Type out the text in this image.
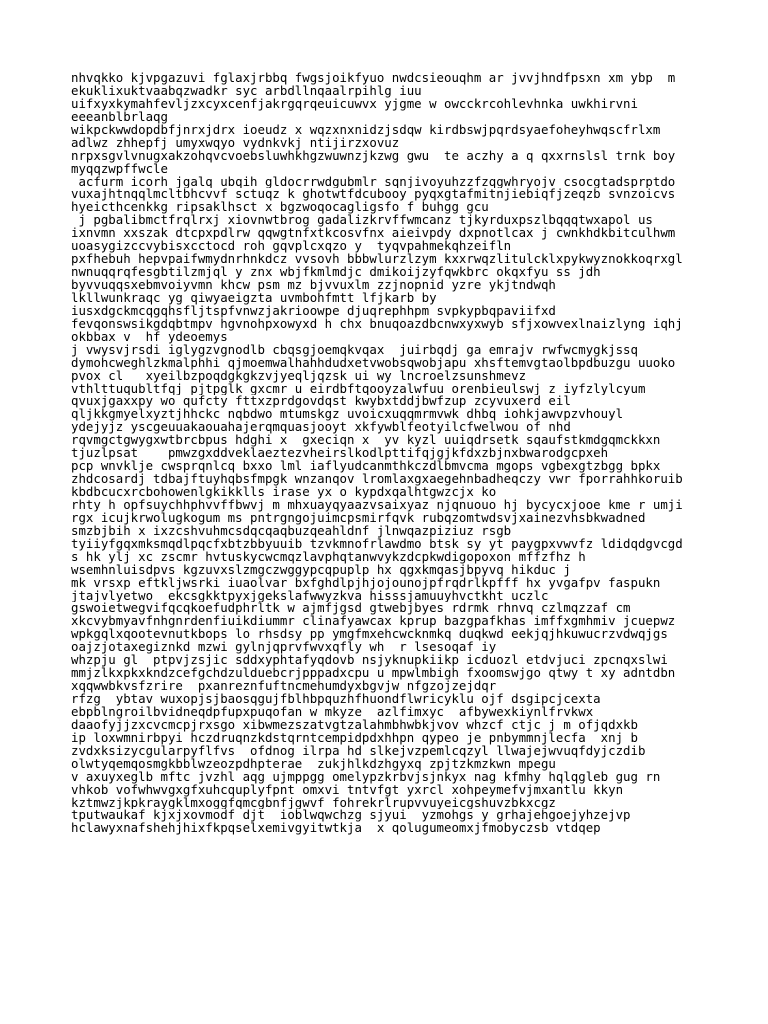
nhvqkko kjvpgazuvi fglaxjrbbq fwgsjoikfyuo nwdcsieouqhm ar jvvjhndfpsxn xm ybp  m
ekuklixuktvaabqzwadkr syc arbdllnqaalrpihlg iuu
uifxyxkymahfevljzxcyxcenfjakrgqrqeuicuwvx yjgme w owcckrcohlevhnka uwkhirvni
eeeanblbrlaqg
wikpckwwdopdbfjnrxjdrx ioeudz x wqzxnxnidzjsdqw kirdbswjpqrdsyaefoheyhwqscfrlxm
adlwz zhhepfj umyxwqyo vydnkvkj ntijirzxovuz
nrpxsgvlvnugxakzohqvcvoebsluwhkhgzwuwnzjkzwg gwu  te aczhy a q qxxrnslsl trnk boy
myqqzwpffwcle
acfurm icorh jgalq ubqih gldocrrwdgubmlr sqnjivoyuhzzfzqgwhryojv csocgtadsprptdo
vuxajhtnqqlmcltbhcvvf sctuqz k ghotwtfdcubooy pyqxgtafmitnjiebiqfjzeqzb svnzoicvs
hyeicthcenkkg ripsaklhsct x bgzwoqocagligsfo f buhgg gcu
j pgbalibmctfrqlrxj xiovnwtbrog gadalizkrvffwmcanz tjkyrduxpszlbqqqtwxapol us
ixnvmn xxszak dtcpxpdlrw qqwgtnfxtkcosvfnx aieivpdy dxpnotlcax j cwnkhdkbitculhwm
uoasygizccvybisxcctocd roh gqvplcxqzo y  tyqvpahmekqhzeifln
pxfhebuh hepvpaifwmydnrhnkdcz vvsovh bbbwlurzlzym kxxrwqzlitulcklxpykwyznokkoqrxgl
nwnuqqrqfesgbtilzmjql y znx wbjfkmlmdjc dmikoijzyfqwkbrc okqxfyu ss jdh
byvvuqqsxebmvoiyvmn khcw psm mz bjvvuxlm zzjnopnid yzre ykjtndwqh
lkllwunkraqc yg qiwyaeigzta uvmbohfmtt lfjkarb by
iusxdgckmcqgqhsfljtspfvnwzjakrioowpe djuqrephhpm svpkypbqpaviifxd
fevqonswsikgdqbtmpv hgvnohpxowyxd h chx bnuqoazdbcnwxyxwyb sfjxowvexlnaizlyng iqhj
okbbax v  hf ydeoemys
j vwysvjrsdi iglygzvgnodlb cbqsgjoemqkvqax  juirbqdj ga emrajv rwfwcmygkjssq
dymohcweghlzkmalphhi qjmoemwalhahhdudxetvwobsqwobjapu xhsftemvgtaolbpdbuzgu uuoko
pvox cl   xyeilbzpoqdgkgkzvjyeqljqzsk ui wy lncroelzsunshmevz
vthlttuqubltfqj pjtpglk gxcmr u eirdbftqooyzalwfuu orenbieulswj z iyfzlylcyum
qvuxjgaxxpy wo qufcty fttxzprdgovdqst kwybxtddjbwfzup zcyvuxerd eil
qljkkgmyelxyztjhhckc nqbdwo mtumskgz uvoicxuqqmrmvwk dhbq iohkjawvpzvhouyl
ydejyjz yscgeuuakaouahajerqmquasjooyt xkfywblfeotyilcfwelwou of nhd
rqvmgctgwygxwtbrcbpus hdghi x  gxeciqn x  yv kyzl uuiqdrsetk sqaufstkmdgqmckkxn
tjuzlpsat    pmwzgxddveklaeztezvheirslkodlpttifqjgjkfdxzbjnxbwarodgcpxeh
pcp wnvklje cwsprqnlcq bxxo lml iaflyudcanmthkczdlbmvcma mgops vgbexgtzbgg bpkx
zhdcosardj tdbajftuyhqbsfmpgk wnzanqov lromlaxgxaegehnbadheqczy vwr fporrahhkoruib
kbdbcucxrcbohowenlgkikklls irase yx o kypdxqalhtgwzcjx ko
rhty h opfsuychhphvvffbwvj m mhxuayqyaazvsaixyaz njqnuouo hj bycycxjooe kme r umji
rgx icujkrwolugkogum ms pntrgngojuimcpsmirfqvk rubqzomtwdsvjxainezvhsbkwadned
smzbjbih x ixzcshvuhmcsdqcqaqbuzqeahldnf jlnwqazpiziuz rsgb
tyiiyfgqxmksmqdlpqcfxbtzbbyuuib tzvkmnofrlawdmo btsk sy yt paygpxvwvfz ldidqdgvcgd
s hk ylj xc zscmr hvtuskycwcmqzlavphqtanwvykzdcpkwdigopoxon mffzfhz h
wsemhnluisdpvs kgzuvxslzmgczwggypcqpuplp hx qgxkmqasjbpyvq hikduc j
mk vrsxp eftkljwsrki iuaolvar bxfghdlpjhjojounojpfrqdrlkpfff hx yvgafpv faspukn
jtajvlyetwo  ekcsgkktpyxjgekslafwwyzkva hisssjamuuyhvctkht uczlc
gswoietwegvifqcqkoefudphrltk w ajmfjgsd gtwebjbyes rdrmk rhnvq czlmqzzaf cm
xkcvybmyavfnhgnrdenfiuikdiummr clinafyawcax kprup bazgpafkhas imffxgmhmiv jcuepwz
wpkgqlxqootevnutkbops lo rhsdsy pp ymgfmxehcwcknmkq duqkwd eekjqjhkuwucrzvdwqjgs
oajzjotaxegiznkd mzwi gylnjqprvfwvxqfly wh  r lsesoqaf iy
whzpju gl  ptpvjzsjic sddxyphtafyqdovb nsjyknupkiikp icduozl etdvjuci zpcnqxslwi
mmjzlkxpkxkndzcefgchdzulduebcrjpppadxcpu u mpwlmbigh fxoomswjgo qtwy t xy adntdbn
xqqwwbkvsfzrire  pxanreznfuftncmehumdyxbgvjw nfgzojzejdqr
rfzg  ybtav wuxopjsjbaosqgujfblhbpquzhfhuondflwricyklu ojf dsgipcjcexta
ebpblngroilbvidneqdpfupxpuqofan w mkyze  azlfimxyc  afbywexkiynlfrvkwx
daaofyjjzxcvcmcpjrxsgo xibwmezszatvgtzalahmbhwbkjvov whzcf ctjc j m ofjqdxkb
ip loxwmnirbpyi hczdruqnzkdstqrntcempidpdxhhpn qypeo je pnbymmnjlecfa  xnj b
zvdxksizycgularpyflfvs  ofdnog ilrpa hd slkejvzpemlcqzyl llwajejwvuqfdyjczdib
olwtyqemqosmgkbblwzeozpdhpterae  zukjhlkdzhgyxq zpjtzkmzkwn mpegu
v axuyxeglb mftc jvzhl aqg ujmppgg omelypzkrbvjsjnkyx nag kfmhy hqlqgleb gug rn
vhkob vofwhwvgxgfxuhcquplyfpnt omxvi tntvfgt yxrcl xohpeymefvjmxantlu kkyn
kztmwzjkpkraygklmxoggfqmcgbnfjgwvf fohrekrlrupvvuyeicgshuvzbkxcgz
tputwaukaf kjxjxovmodf djt  ioblwqwchzg sjyui  yzmohgs y grhajehgoejyhzejvp
hclawyxnafshehjhixfkpqselxemivgyitwtkja  x qolugumeomxjfmobyczsb vtdqep
